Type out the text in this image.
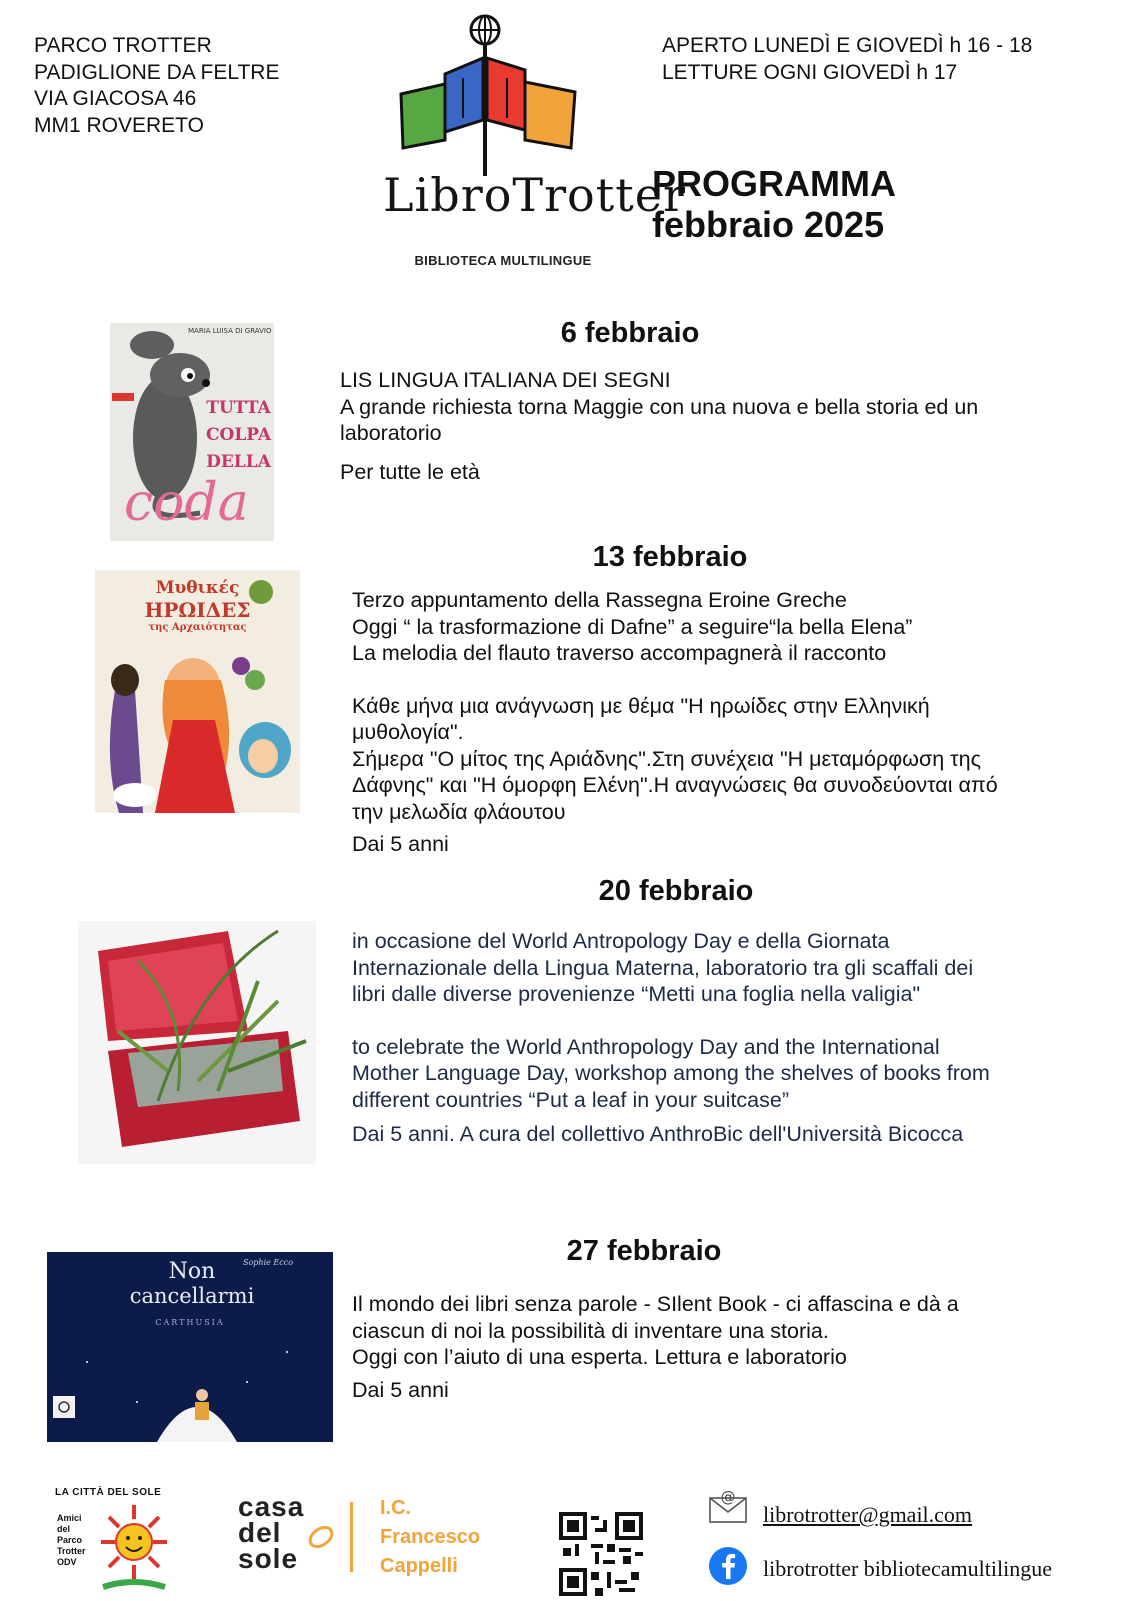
PARCO TROTTER
PADIGLIONE DA FELTRE
VIA GIACOSA 46
MM1 ROVERETO
APERTO LUNEDÌ E GIOVEDÌ h 16 - 18
LETTURE OGNI GIOVEDÌ h 17
LibroTrotter
BIBLIOTECA MULTILINGUE
PROGRAMMA
febbraio 2025
MARIA LUISA DI GRAVIO
TUTTA
COLPA
DELLA
coda
6 febbraio

LIS LINGUA ITALIANA DEI SEGNI

A grande richiesta torna Maggie con una nuova e bella storia ed un

laboratorio

Per tutte le età

Μυθικές
ΗΡΩΙΔΕΣ
της Αρχαιότητας
13 febbraio

Terzo appuntamento della Rassegna Eroine Greche

Oggi “ la trasformazione di Dafne” a seguire“la bella Elena”

La melodia del flauto traverso accompagnerà il racconto

Κάθε μήνα μια ανάγνωση με θέμα "Η ηρωίδες στην Ελληνική

μυθολογία".

Σήμερα "Ο μίτος της Αριάδνης".Στη συνέχεια "Η μεταμόρφωση της

Δάφνης" και "Η όμορφη Ελένη".Η αναγνώσεις θα συνοδεύονται από

την μελωδία φλάουτου

Dai 5 anni

20 febbraio

in occasione del World Antropology Day e della Giornata

Internazionale della Lingua Materna, laboratorio tra gli scaffali dei

libri dalle diverse provenienze “Metti una foglia nella valigia"

to celebrate the World Anthropology Day and the International

Mother Language Day, workshop among the shelves of books from

different countries “Put a leaf in your suitcase”

Dai 5 anni. A cura del collettivo AnthroBic dell'Università Bicocca

Non
cancellarmi
Sophie Ecco
CARTHUSIA
27 febbraio

Il mondo dei libri senza parole - SIlent Book - ci affascina e dà a

ciascun di noi la possibilità di inventare una storia.

Oggi con l’aiuto di una esperta. Lettura e laboratorio

Dai 5 anni

LA CITTÀ DEL SOLE
Amici
del
Parco
Trotter
ODV
casa
del
sole
I.C.
Francesco
Cappelli
@
librotrotter@gmail.com
librotrotter bibliotecamultilingue
